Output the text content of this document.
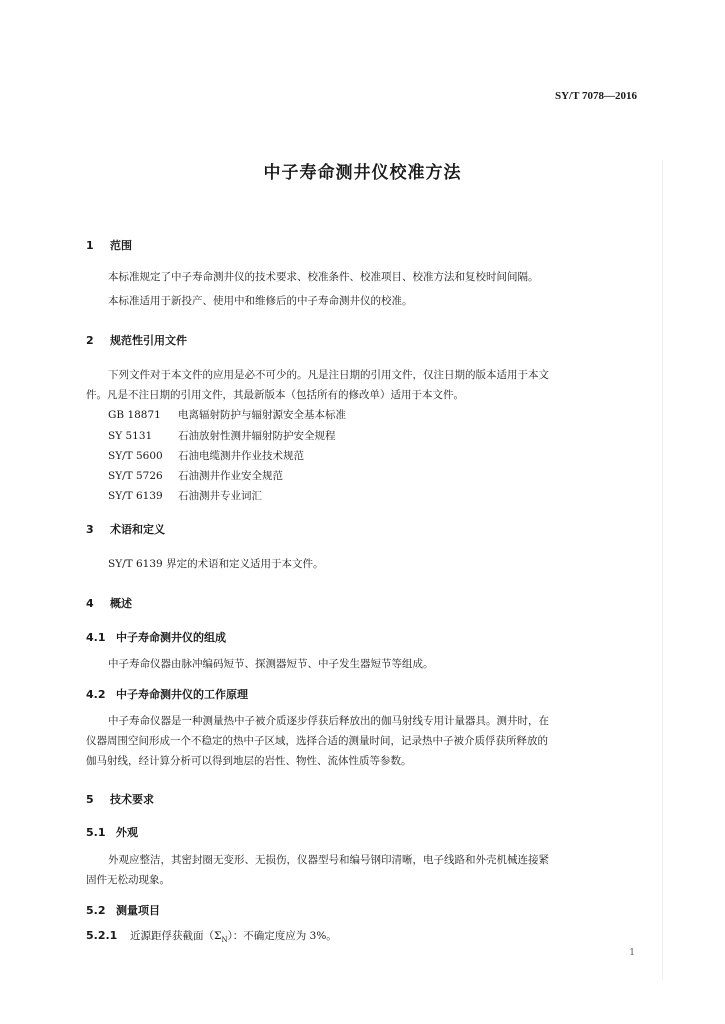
SY/T 7078—2016
中子寿命测井仪校准方法
1 范围
本标准规定了中子寿命测井仪的技术要求、校准条件、校准项目、校准方法和复校时间间隔。
本标准适用于新投产、使用中和维修后的中子寿命测井仪的校准。
2 规范性引用文件
下列文件对于本文件的应用是必不可少的。凡是注日期的引用文件，仅注日期的版本适用于本文
件。凡是不注日期的引用文件，其最新版本（包括所有的修改单）适用于本文件。
GB 18871 电离辐射防护与辐射源安全基本标准
SY 5131 石油放射性测井辐射防护安全规程
SY/T 5600 石油电缆测井作业技术规范
SY/T 5726 石油测井作业安全规范
SY/T 6139 石油测井专业词汇
3 术语和定义
SY/T 6139 界定的术语和定义适用于本文件。
4 概述
4.1 中子寿命测井仪的组成
中子寿命仪器由脉冲编码短节、探测器短节、中子发生器短节等组成。
4.2 中子寿命测井仪的工作原理
中子寿命仪器是一种测量热中子被介质逐步俘获后释放出的伽马射线专用计量器具。测井时，在
仪器周围空间形成一个不稳定的热中子区域，选择合适的测量时间，记录热中子被介质俘获所释放的
伽马射线，经计算分析可以得到地层的岩性、物性、流体性质等参数。
5 技术要求
5.1 外观
外观应整洁，其密封圈无变形、无损伤，仪器型号和编号钢印清晰，电子线路和外壳机械连接紧
固件无松动现象。
5.2 测量项目
5.2.1 近源距俘获截面$(\Sigma_N)$：不确定度应为 3%。
1
